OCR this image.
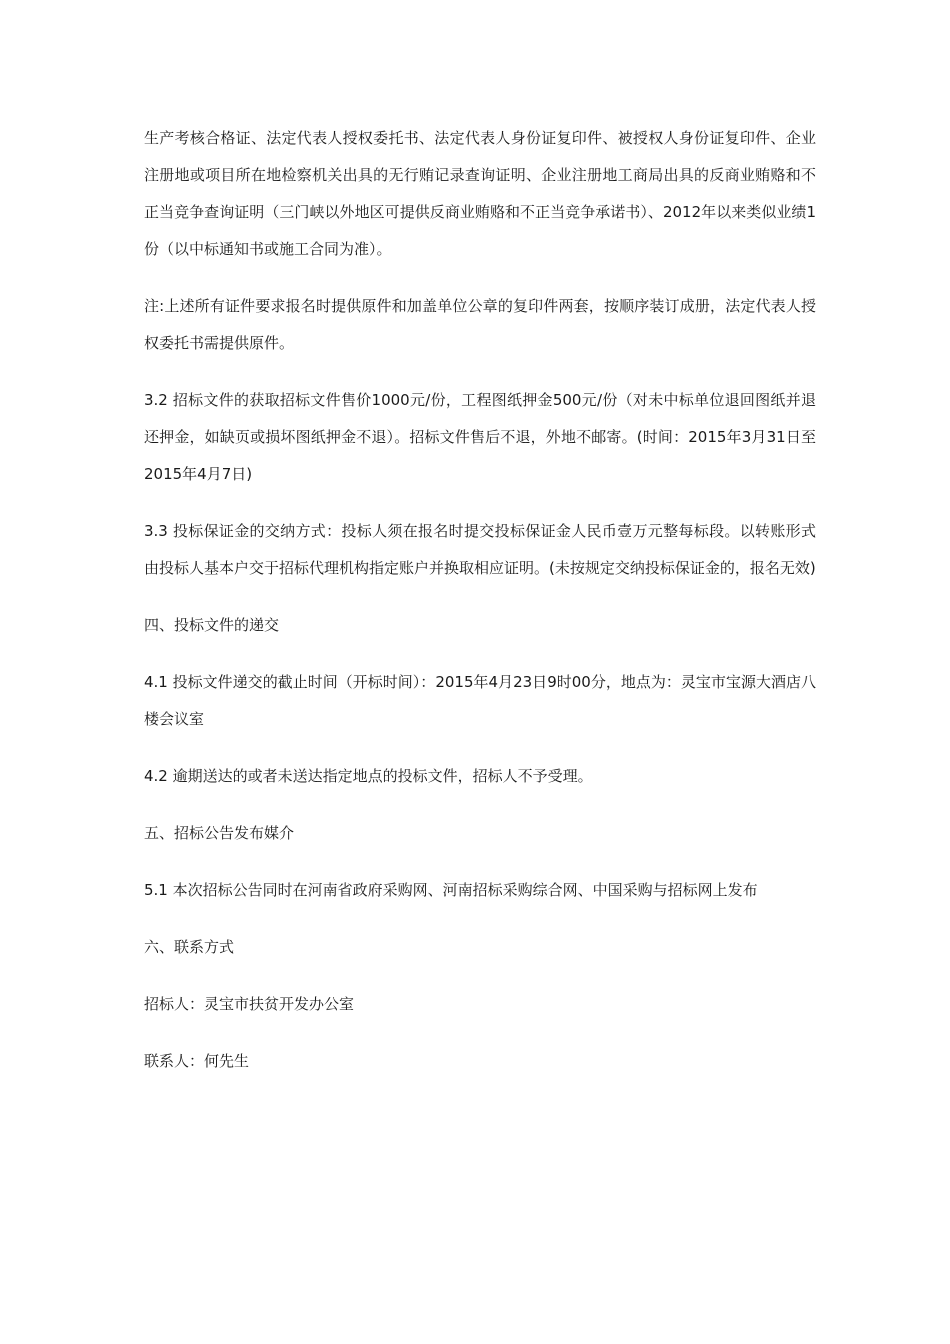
生产考核合格证、法定代表人授权委托书、法定代表人身份证复印件、被授权人身份证复印件、企业注册地或项目所在地检察机关出具的无行贿记录查询证明、企业注册地工商局出具的反商业贿赂和不正当竞争查询证明（三门峡以外地区可提供反商业贿赂和不正当竞争承诺书）、2012年以来类似业绩1份（以中标通知书或施工合同为准）。

注:上述所有证件要求报名时提供原件和加盖单位公章的复印件两套，按顺序装订成册，法定代表人授权委托书需提供原件。

3.2 招标文件的获取招标文件售价1000元/份，工程图纸押金500元/份（对未中标单位退回图纸并退还押金，如缺页或损坏图纸押金不退）。招标文件售后不退，外地不邮寄。(时间：2015年3月31日至2015年4月7日)

3.3 投标保证金的交纳方式：投标人须在报名时提交投标保证金人民币壹万元整每标段。以转账形式由投标人基本户交于招标代理机构指定账户并换取相应证明。(未按规定交纳投标保证金的，报名无效)

四、投标文件的递交

4.1 投标文件递交的截止时间（开标时间）：2015年4月23日9时00分，地点为：灵宝市宝源大酒店八楼会议室

4.2 逾期送达的或者未送达指定地点的投标文件，招标人不予受理。

五、招标公告发布媒介

5.1 本次招标公告同时在河南省政府采购网、河南招标采购综合网、中国采购与招标网上发布

六、联系方式

招标人：灵宝市扶贫开发办公室

联系人：何先生
